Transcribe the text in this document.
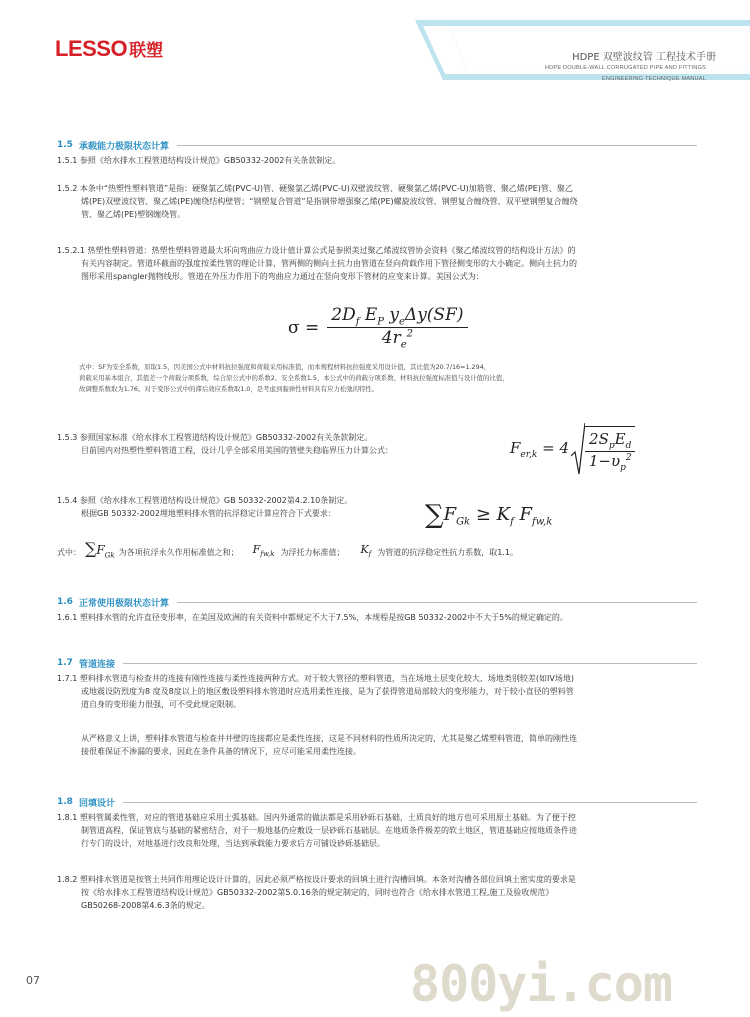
LESSO 联塑	HDPE 双壁波纹管 工程技术手册
HDPE DOUBLE-WALL CORRUGATED PIPE AND FITTINGS
ENGINEERING TECHNIQUE MANUAL
1.5 承载能力极限状态计算
1.5.1 参照《给水排水工程管道结构设计规范》GB50332-2002有关条款制定。
1.5.2 本条中“热塑性塑料管道”是指：硬聚氯乙烯(PVC-U)管、硬聚氯乙烯(PVC-U)双壁波纹管、硬聚氯乙烯(PVC-U)加筋管、聚乙烯(PE)管、聚乙
烯(PE)双壁波纹管、聚乙烯(PE)缠绕结构壁管；“钢塑复合管道”是指钢带增强聚乙烯(PE)螺旋波纹管、钢塑复合缠绕管、双平壁钢塑复合缠绕
管、聚乙烯(PE)塑钢缠绕管。
1.5.2.1 热塑性塑料管道：热塑性塑料管道最大环向弯曲应力设计值计算公式是参照美过聚乙烯波纹管协会资料《聚乙烯波纹管的结构设计方法》的
有关内容制定。管道环截面的强度按柔性管的理论计算，管两侧的侧向土抗力由管道在竖向荷载作用下管径侧变形的大小确定。侧向土抗力的
图形采用spangler抛物线形。管道在外压力作用下的弯曲应力通过在竖向变形下管材的应变来计算。美国公式为：
$\sigma = \frac{2D_f E_P y_e\Delta y(SF)}{4r_e^2}$
式中：SF为安全系数，原取1.5，因美国公式中材料抗拉强度和荷载采用标准值，而本规程材料抗拉强度采用设计值，其比值为20.7/16=1.294，
荷载采用基本组合，其值差一个荷载分项系数，综合原公式中的系数2、安全系数1.5、本公式中的荷载分项系数、材料抗拉强度标准值与设计值的比值，
故调整系数取为1.76。对于变形公式中的滞后效应系数取1.0，是考虑到黏弹性材料具有应力松弛的特性。
1.5.3 参照国家标准《给水排水工程管道结构设计规范》GB50332-2002有关条款制定。
目前国内对热塑性塑料管道工程，设计几乎全部采用美国的管壁失稳临界压力计算公式：	$F_{er,k} = 4 \frac{2S_pE_d}{1-\upsilon_p^2}$
1.5.4 参照《给水排水工程管道结构设计规范》GB 50332-2002第4.2.10条制定。
根据GB 50332-2002埋地塑料排水管的抗浮稳定计算应符合下式要求：	$\sum F_{Gk} \ge K_f$ $F_{fw,k}$
式中： $\sum F_{Gk}$ 为各项抗浮永久作用标准值之和； $F_{fw,k}$ 为浮托力标准值； $K_f$ 为管道的抗浮稳定性抗力系数，取1.1。
1.6 正常使用极限状态计算
1.6.1 塑料排水管的允许直径变形率，在美国及欧洲的有关资料中都规定不大于7.5%，本规程是按GB 50332-2002中不大于5%的规定确定的。
1.7 管道连接
1.7.1 塑料排水管道与检查井的连接有刚性连接与柔性连接两种方式。对于较大管径的塑料管道，当在场地土层变化较大、场地类别较差(如IV场地)
或地震设防烈度为8 度及8度以上的地区敷设塑料排水管道时应选用柔性连接，是为了获得管道局部较大的变形能力，对于较小直径的塑料管
道自身的变形能力很强，可不受此规定限制。
从严格意义上讲，塑料排水管道与检查井井壁的连接都应是柔性连接，这是不同材料的性质所决定的，尤其是聚乙烯塑料管道，简单的刚性连
接很难保证不渗漏的要求，因此在条件具备的情况下，应尽可能采用柔性连接。
1.8 回填设计
1.8.1 塑料管属柔性管，对应的管道基础应采用土弧基础。国内外通常的做法都是采用砂砾石基础，土质良好的地方也可采用原土基础。为了便于控
制管道高程，保证管底与基础的紧密结合，对于一般地基仍应敷设一层砂砾石基础层。在地质条件极差的软土地区，管道基础应按地质条件进
行专门的设计，对地基进行改良和处理，当达到承载能力要求后方可铺设砂砾基础层。
1.8.2 塑料排水管道是按管土共同作用理论设计计算的，因此必须严格按设计要求的回填土进行沟槽回填。本条对沟槽各部位回填土密实度的要求是
按《给水排水工程管道结构设计规范》GB50332-2002第5.0.16条的规定制定的，同时也符合《给水排水管道工程,施工及验收规范》
GB50268-2008第4.6.3条的规定。
07	800yi.com
